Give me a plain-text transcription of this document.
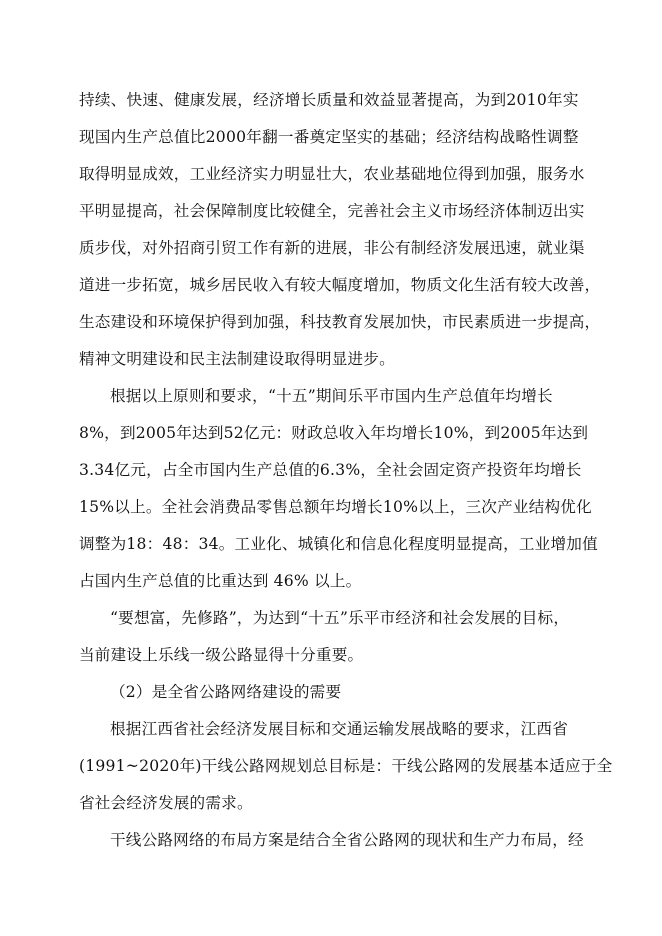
持 续 、 快 速 、 健 康 发 展 ， 经 济 增 长 质 量 和 效 益 显 著 提 高 ， 为 到 2 0 1 0 年 实
现 国 内 生 产 总 值 比 2 0 0 0 年 翻 一 番 奠 定 坚 实 的 基 础 ； 经 济 结 构 战 略 性 调 整
取 得 明 显 成 效 ， 工 业 经 济 实 力 明 显 壮 大 ， 农 业 基 础 地 位 得 到 加 强 ， 服 务 水
平 明 显 提 高 ， 社 会 保 障 制 度 比 较 健 全 ， 完 善 社 会 主 义 市 场 经 济 体 制 迈 出 实
质 步 伐 ， 对 外 招 商 引 贸 工 作 有 新 的 进 展 ， 非 公 有 制 经 济 发 展 迅 速 ， 就 业 渠
道 进 一 步 拓 宽 ， 城 乡 居 民 收 入 有 较 大 幅 度 增 加 ， 物 质 文 化 生 活 有 较 大 改 善 ，
生 态 建 设 和 环 境 保 护 得 到 加 强 ， 科 技 教 育 发 展 加 快 ， 市 民 素 质 进 一 步 提 高 ，
精神文明建设和民主法制建设取得明显进步。
根据以上原则和要求，“十五”期间乐平市国内生产总值年均增长
8 % ， 到 2 0 0 5 年 达 到 5 2 亿 元 ： 财 政 总 收 入 年 均 增 长 1 0 % ， 到 2 0 0 5 年 达 到
3 . 3 4 亿 元 ， 占 全 市 国 内 生 产 总 值 的 6 . 3 % ， 全 社 会 固 定 资 产 投 资 年 均 增 长
1 5 % 以 上 。 全 社 会 消 费 品 零 售 总 额 年 均 增 长 1 0 % 以 上 ， 三 次 产 业 结 构 优 化
调 整 为 1 8 ： 4 8 ： 3 4 。 工 业 化 、 城 镇 化 和 信 息 化 程 度 明 显 提 高 ， 工 业 增 加 值
占国内生产总值的比重达到 46% 以上。
“要想富，先修路”，为达到“十五”乐平市经济和社会发展的目标，
当前建设上乐线一级公路显得十分重要。
（2）是全省公路网络建设的需要
根据江西省社会经济发展目标和交通运输发展战略的要求，江西省
( 1 9 9 1 ~ 2 0 2 0 年 ) 干 线 公 路 网 规 划 总 目 标 是 ： 干 线 公 路 网 的 发 展 基 本 适 应 于 全
省社会经济发展的需求。
干线公路网络的布局方案是结合全省公路网的现状和生产力布局，经
